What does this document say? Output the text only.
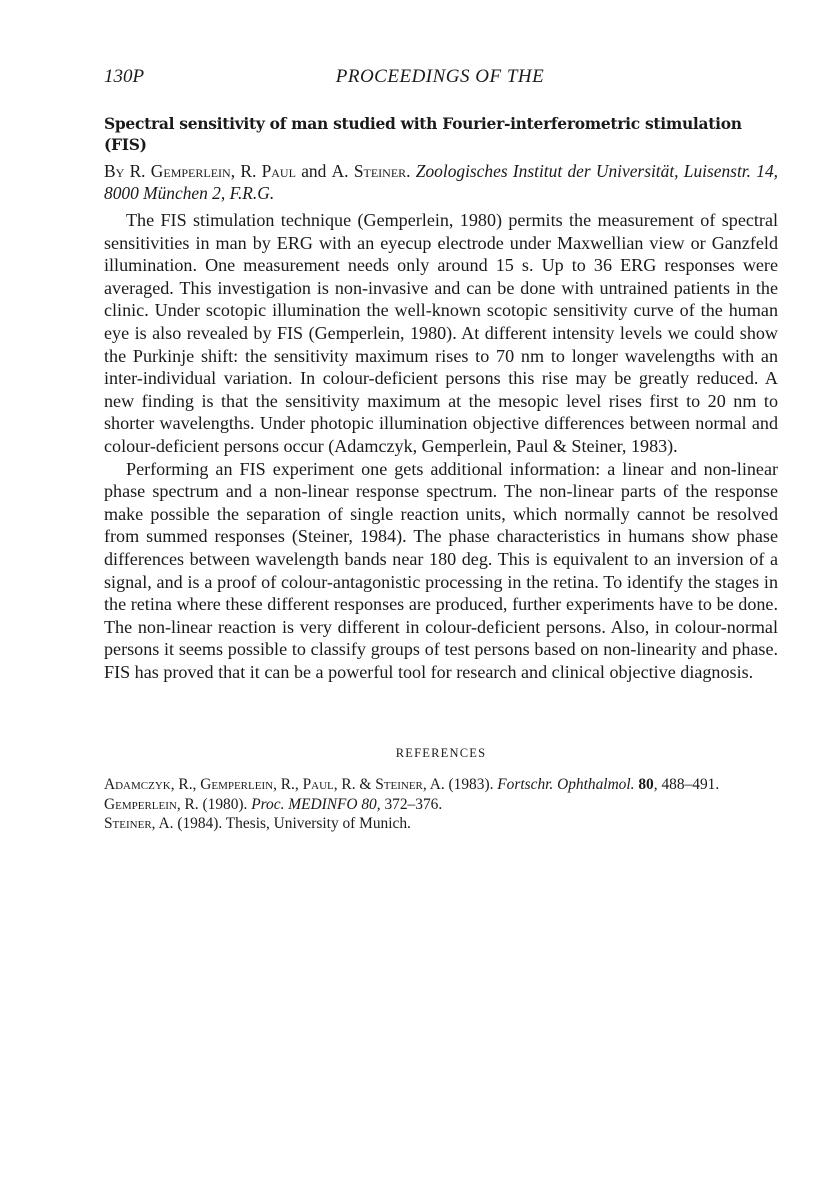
130P	PROCEEDINGS OF THE
Spectral sensitivity of man studied with Fourier-interferometric stimulation (FIS)

By R. Gemperlein, R. Paul and A. Steiner. Zoologisches Institut der Universität, Luisenstr. 14, 8000 München 2, F.R.G.

The FIS stimulation technique (Gemperlein, 1980) permits the measurement of spectral sensitivities in man by ERG with an eyecup electrode under Maxwellian view or Ganzfeld illumination. One measurement needs only around 15 s. Up to 36 ERG responses were averaged. This investigation is non-invasive and can be done with untrained patients in the clinic. Under scotopic illumination the well-known scotopic sensitivity curve of the human eye is also revealed by FIS (Gemperlein, 1980). At different intensity levels we could show the Purkinje shift: the sensitivity maximum rises to 70 nm to longer wavelengths with an inter-individual variation. In colour-deficient persons this rise may be greatly reduced. A new finding is that the sensitivity maximum at the mesopic level rises first to 20 nm to shorter wavelengths. Under photopic illumination objective differences between normal and colour-deficient persons occur (Adamczyk, Gemperlein, Paul & Steiner, 1983).

Performing an FIS experiment one gets additional information: a linear and non-linear phase spectrum and a non-linear response spectrum. The non-linear parts of the response make possible the separation of single reaction units, which normally cannot be resolved from summed responses (Steiner, 1984). The phase characteristics in humans show phase differences between wavelength bands near 180 deg. This is equivalent to an inversion of a signal, and is a proof of colour-antagonistic processing in the retina. To identify the stages in the retina where these different responses are produced, further experiments have to be done. The non-linear reaction is very different in colour-deficient persons. Also, in colour-normal persons it seems possible to classify groups of test persons based on non-linearity and phase. FIS has proved that it can be a powerful tool for research and clinical objective diagnosis.

REFERENCES

Adamczyk, R., Gemperlein, R., Paul, R. & Steiner, A. (1983). Fortschr. Ophthalmol. 80, 488–491.

Gemperlein, R. (1980). Proc. MEDINFO 80, 372–376.

Steiner, A. (1984). Thesis, University of Munich.
